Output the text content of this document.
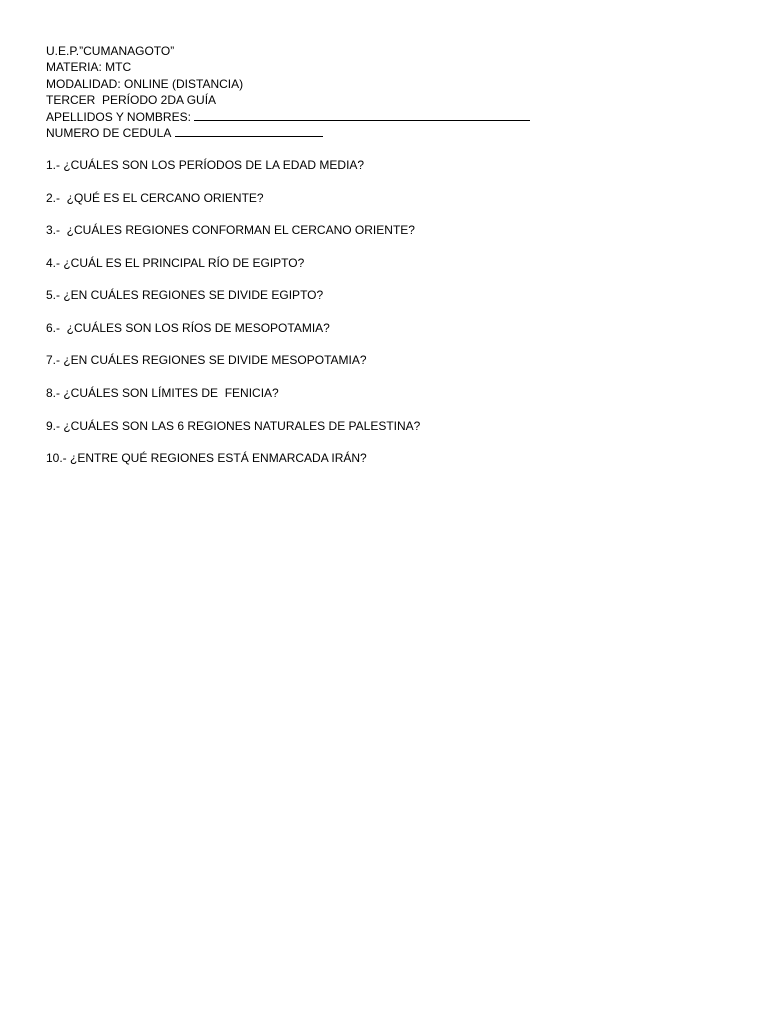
U.E.P.”CUMANAGOTO”
MATERIA: MTC
MODALIDAD: ONLINE (DISTANCIA)
TERCER  PERÍODO 2DA GUÍA
APELLIDOS Y NOMBRES:
NUMERO DE CEDULA
1.- ¿CUÁLES SON LOS PERÍODOS DE LA EDAD MEDIA?
2.-  ¿QUÉ ES EL CERCANO ORIENTE?
3.-  ¿CUÁLES REGIONES CONFORMAN EL CERCANO ORIENTE?
4.- ¿CUÁL ES EL PRINCIPAL RÍO DE EGIPTO?
5.- ¿EN CUÁLES REGIONES SE DIVIDE EGIPTO?
6.-  ¿CUÁLES SON LOS RÍOS DE MESOPOTAMIA?
7.- ¿EN CUÁLES REGIONES SE DIVIDE MESOPOTAMIA?
8.- ¿CUÁLES SON LÍMITES DE  FENICIA?
9.- ¿CUÁLES SON LAS 6 REGIONES NATURALES DE PALESTINA?
10.- ¿ENTRE QUÉ REGIONES ESTÁ ENMARCADA IRÁN?
